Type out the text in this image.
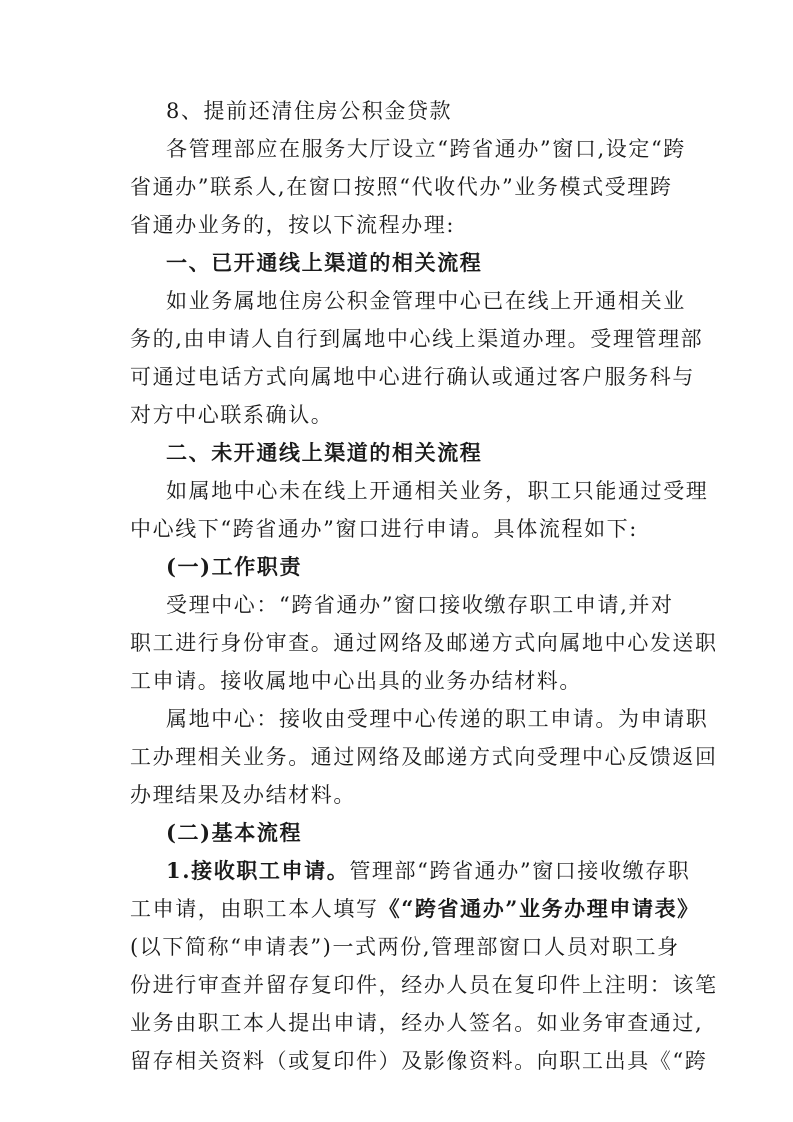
8、提前还清住房公积金贷款
各管理部应在服务大厅设立“跨省通办”窗口,设定“跨
省通办”联系人,在窗口按照“代收代办”业务模式受理跨
省通办业务的，按以下流程办理:
一、已开通线上渠道的相关流程
如业务属地住房公积金管理中心已在线上开通相关业
务的,由申请人自行到属地中心线上渠道办理。受理管理部
可通过电话方式向属地中心进行确认或通过客户服务科与
对方中心联系确认。
二、未开通线上渠道的相关流程
如属地中心未在线上开通相关业务，职工只能通过受理
中心线下“跨省通办”窗口进行申请。具体流程如下:
(一)工作职责
受理中心：“跨省通办”窗口接收缴存职工申请,并对
职工进行身份审查。通过网络及邮递方式向属地中心发送职
工申请。接收属地中心出具的业务办结材料。
属地中心：接收由受理中心传递的职工申请。为申请职
工办理相关业务。通过网络及邮递方式向受理中心反馈返回
办理结果及办结材料。
(二)基本流程
1.接收职工申请。管理部“跨省通办”窗口接收缴存职
工申请，由职工本人填写《“跨省通办”业务办理申请表》
(以下简称“申请表”)一式两份,管理部窗口人员对职工身
份进行审查并留存复印件，经办人员在复印件上注明：该笔
业务由职工本人提出申请，经办人签名。如业务审查通过,
留存相关资料（或复印件）及影像资料。向职工出具《“跨
